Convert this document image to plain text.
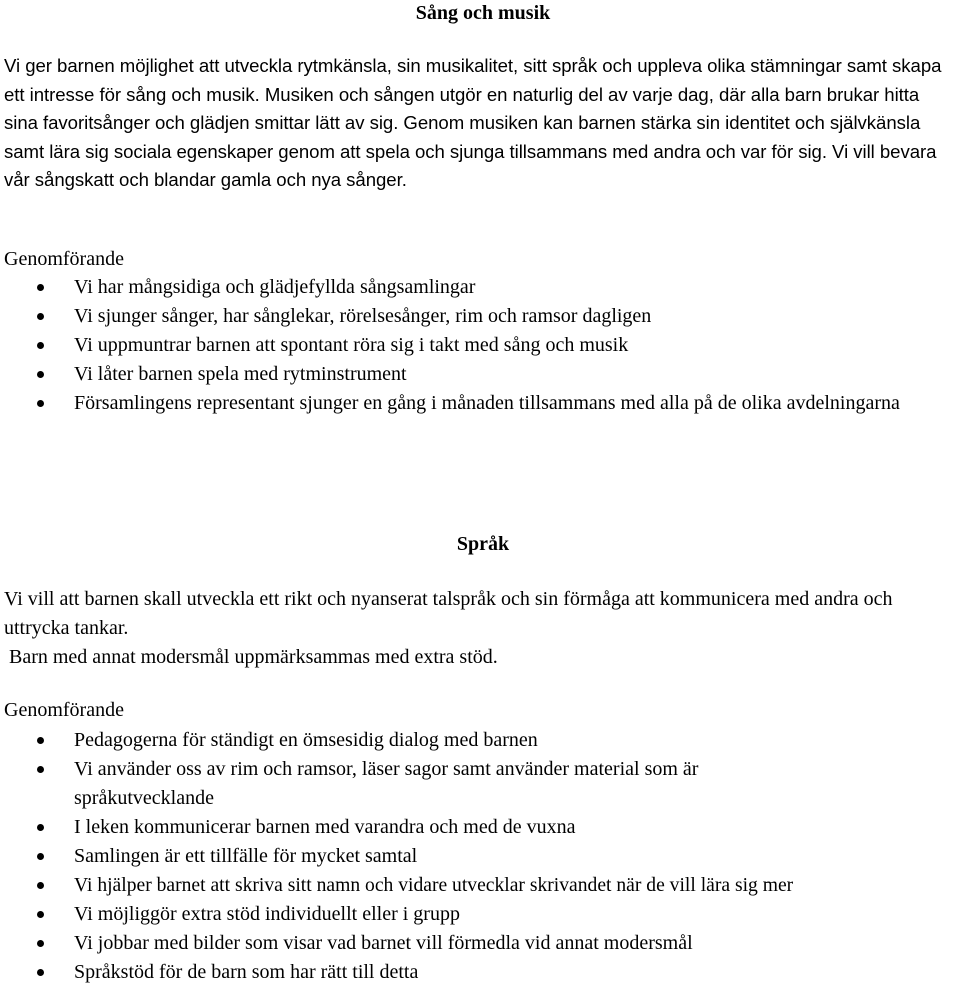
Sång och musik
Vi ger barnen möjlighet att utveckla rytmkänsla, sin musikalitet, sitt språk och uppleva olika stämningar samt skapa ett intresse för sång och musik. Musiken och sången utgör en naturlig del av varje dag, där alla barn brukar hitta sina favoritsånger och glädjen smittar lätt av sig. Genom musiken kan barnen stärka sin identitet och självkänsla samt lära sig sociala egenskaper genom att spela och sjunga tillsammans med andra och var för sig. Vi vill bevara vår sångskatt och blandar gamla och nya sånger.
Genomförande
Vi har mångsidiga och glädjefyllda sångsamlingar
Vi sjunger sånger, har sånglekar, rörelsesånger, rim och ramsor dagligen
Vi uppmuntrar barnen att spontant röra sig i takt med sång och musik
Vi låter barnen spela med rytminstrument
Församlingens representant sjunger en gång i månaden tillsammans med alla på de olika avdelningarna
Språk
Vi vill att barnen skall utveckla ett rikt och nyanserat talspråk och sin förmåga att kommunicera med andra och uttrycka tankar.
Barn med annat modersmål uppmärksammas med extra stöd.
Genomförande
Pedagogerna för ständigt en ömsesidig dialog med barnen
Vi använder oss av rim och ramsor, läser sagor samt använder material som är språkutvecklande
I leken kommunicerar barnen med varandra och med de vuxna
Samlingen är ett tillfälle för mycket samtal
Vi hjälper barnet att skriva sitt namn och vidare utvecklar skrivandet när de vill lära sig mer
Vi möjliggör extra stöd individuellt eller i grupp
Vi jobbar med bilder som visar vad barnet vill förmedla vid annat modersmål
Språkstöd för de barn som har rätt till detta
